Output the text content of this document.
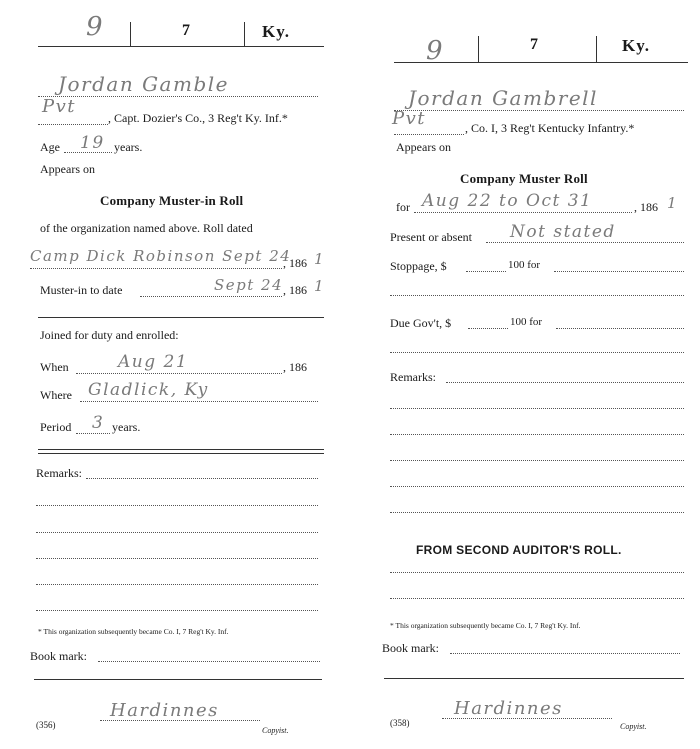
9	7	Ky.
Jordan Gamble
Pvt
, Capt. Dozier's Co., 3 Reg't Ky. Inf.*
Age 19 years.
Appears on
Company Muster-in Roll
of the organization named above. Roll dated
Camp Dick Robinson Sept 24
, 186 1
Muster-in to date	Sept 24 , 186 1
Joined for duty and enrolled:
When	Aug 21	, 186
Where Gladlick, Ky
Period 3 years.
Remarks:
* This organization subsequently became Co. I, 7 Reg't Ky. Inf.
Book mark:
Hardinnes
(356)
Copyist.
9	7	Ky.
Jordan Gambrell
Pvt	, Co. I, 3 Reg't Kentucky Infantry.*
Appears on
Company Muster Roll
for Aug 22 to Oct 31	, 186 1
Present or absent Not stated
Stoppage, $	100 for
Due Gov't, $	100 for
Remarks:
FROM SECOND AUDITOR'S ROLL.
* This organization subsequently became Co. I, 7 Reg't Ky. Inf.
Book mark:
Hardinnes
(358)	Copyist.
